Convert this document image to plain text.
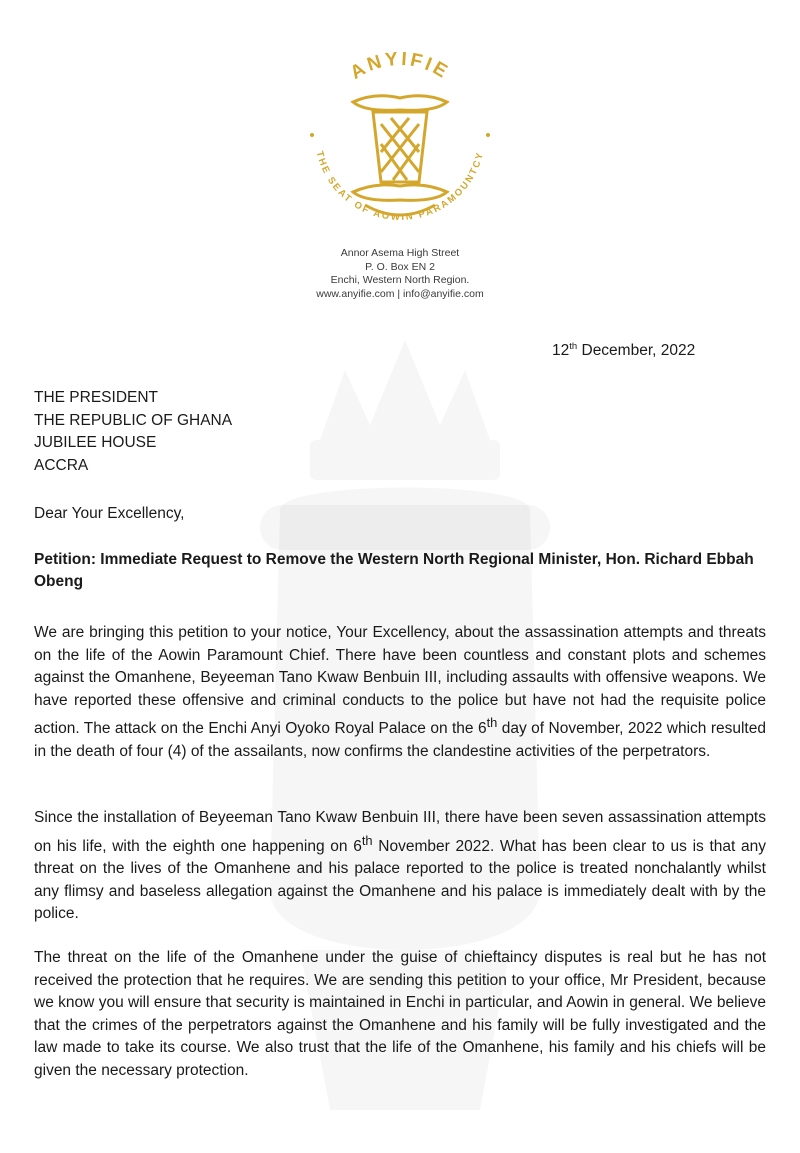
ANYIFIE
THE SEAT OF AOWIN PARAMOUNTCY
Annor Asema High Street
P. O. Box EN 2
Enchi, Western North Region.
www.anyifie.com | info@anyifie.com
12th December, 2022
THE PRESIDENT
THE REPUBLIC OF GHANA
JUBILEE HOUSE
ACCRA
Dear Your Excellency,
Petition: Immediate Request to Remove the Western North Regional Minister, Hon. Richard Ebbah Obeng
We are bringing this petition to your notice, Your Excellency, about the assassination attempts and threats on the life of the Aowin Paramount Chief. There have been countless and constant plots and schemes against the Omanhene, Beyeeman Tano Kwaw Benbuin III, including assaults with offensive weapons. We have reported these offensive and criminal conducts to the police but have not had the requisite police action. The attack on the Enchi Anyi Oyoko Royal Palace on the 6th day of November, 2022 which resulted in the death of four (4) of the assailants, now confirms the clandestine activities of the perpetrators.
Since the installation of Beyeeman Tano Kwaw Benbuin III, there have been seven assassination attempts on his life, with the eighth one happening on 6th November 2022. What has been clear to us is that any threat on the lives of the Omanhene and his palace reported to the police is treated nonchalantly whilst any flimsy and baseless allegation against the Omanhene and his palace is immediately dealt with by the police.
The threat on the life of the Omanhene under the guise of chieftaincy disputes is real but he has not received the protection that he requires. We are sending this petition to your office, Mr President, because we know you will ensure that security is maintained in Enchi in particular, and Aowin in general. We believe that the crimes of the perpetrators against the Omanhene and his family will be fully investigated and the law made to take its course. We also trust that the life of the Omanhene, his family and his chiefs will be given the necessary protection.
